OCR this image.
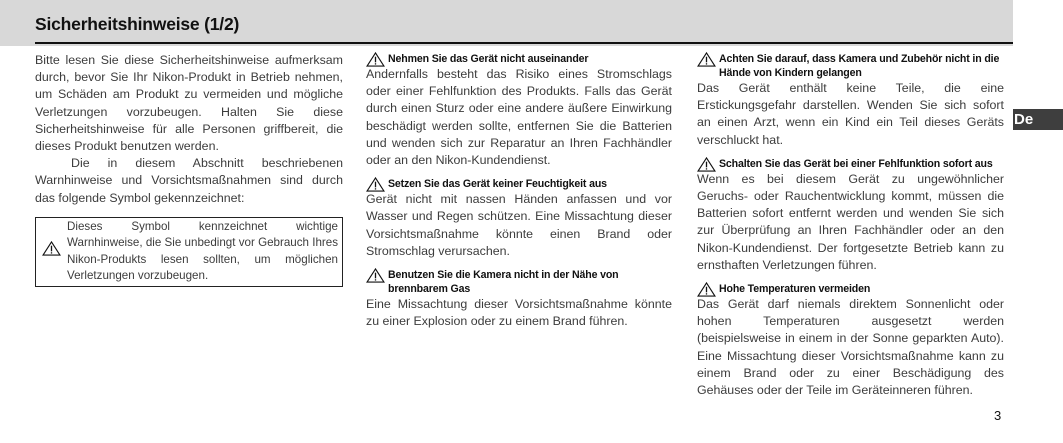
Sicherheitshinweise (1/2)

Bitte lesen Sie diese Sicherheitshinweise aufmerksam durch, bevor Sie Ihr Nikon-Produkt in Betrieb nehmen, um Schäden am Produkt zu vermeiden und mögliche Verletzungen vorzubeugen. Halten Sie diese Sicherheitshinweise für alle Personen griffbereit, die dieses Produkt benutzen werden.

Die in diesem Abschnitt beschriebenen Warnhinweise und Vorsichtsmaßnahmen sind durch das folgende Symbol gekennzeichnet:

Dieses Symbol kennzeichnet wichtige Warnhinweise, die Sie unbedingt vor Gebrauch Ihres Nikon-Produkts lesen sollten, um möglichen Verletzungen vorzubeugen.

Nehmen Sie das Gerät nicht auseinander

Andernfalls besteht das Risiko eines Stromschlags oder einer Fehlfunktion des Produkts. Falls das Gerät durch einen Sturz oder eine andere äußere Einwirkung beschädigt werden sollte, entfernen Sie die Batterien und wenden sich zur Reparatur an Ihren Fachhändler oder an den Nikon-Kundendienst.

Setzen Sie das Gerät keiner Feuchtigkeit aus

Gerät nicht mit nassen Händen anfassen und vor Wasser und Regen schützen. Eine Missachtung dieser Vorsichtsmaßnahme könnte einen Brand oder Stromschlag verursachen.

Benutzen Sie die Kamera nicht in der Nähe von brennbarem Gas

Eine Missachtung dieser Vorsichtsmaßnahme könnte zu einer Explosion oder zu einem Brand führen.

Achten Sie darauf, dass Kamera und Zubehör nicht in die Hände von Kindern gelangen

Das Gerät enthält keine Teile, die eine Erstickungsgefahr darstellen. Wenden Sie sich sofort an einen Arzt, wenn ein Kind ein Teil dieses Geräts verschluckt hat.

Schalten Sie das Gerät bei einer Fehlfunktion sofort aus

Wenn es bei diesem Gerät zu ungewöhnlicher Geruchs- oder Rauchentwicklung kommt, müssen die Batterien sofort entfernt werden und wenden Sie sich zur Überprüfung an Ihren Fachhändler oder an den Nikon-Kundendienst. Der fortgesetzte Betrieb kann zu ernsthaften Verletzungen führen.

Hohe Temperaturen vermeiden

Das Gerät darf niemals direktem Sonnenlicht oder hohen Temperaturen ausgesetzt werden (beispielsweise in einem in der Sonne geparkten Auto). Eine Missachtung dieser Vorsichtsmaßnahme kann zu einem Brand oder zu einer Beschädigung des Gehäuses oder der Teile im Geräteinneren führen.

De
3
